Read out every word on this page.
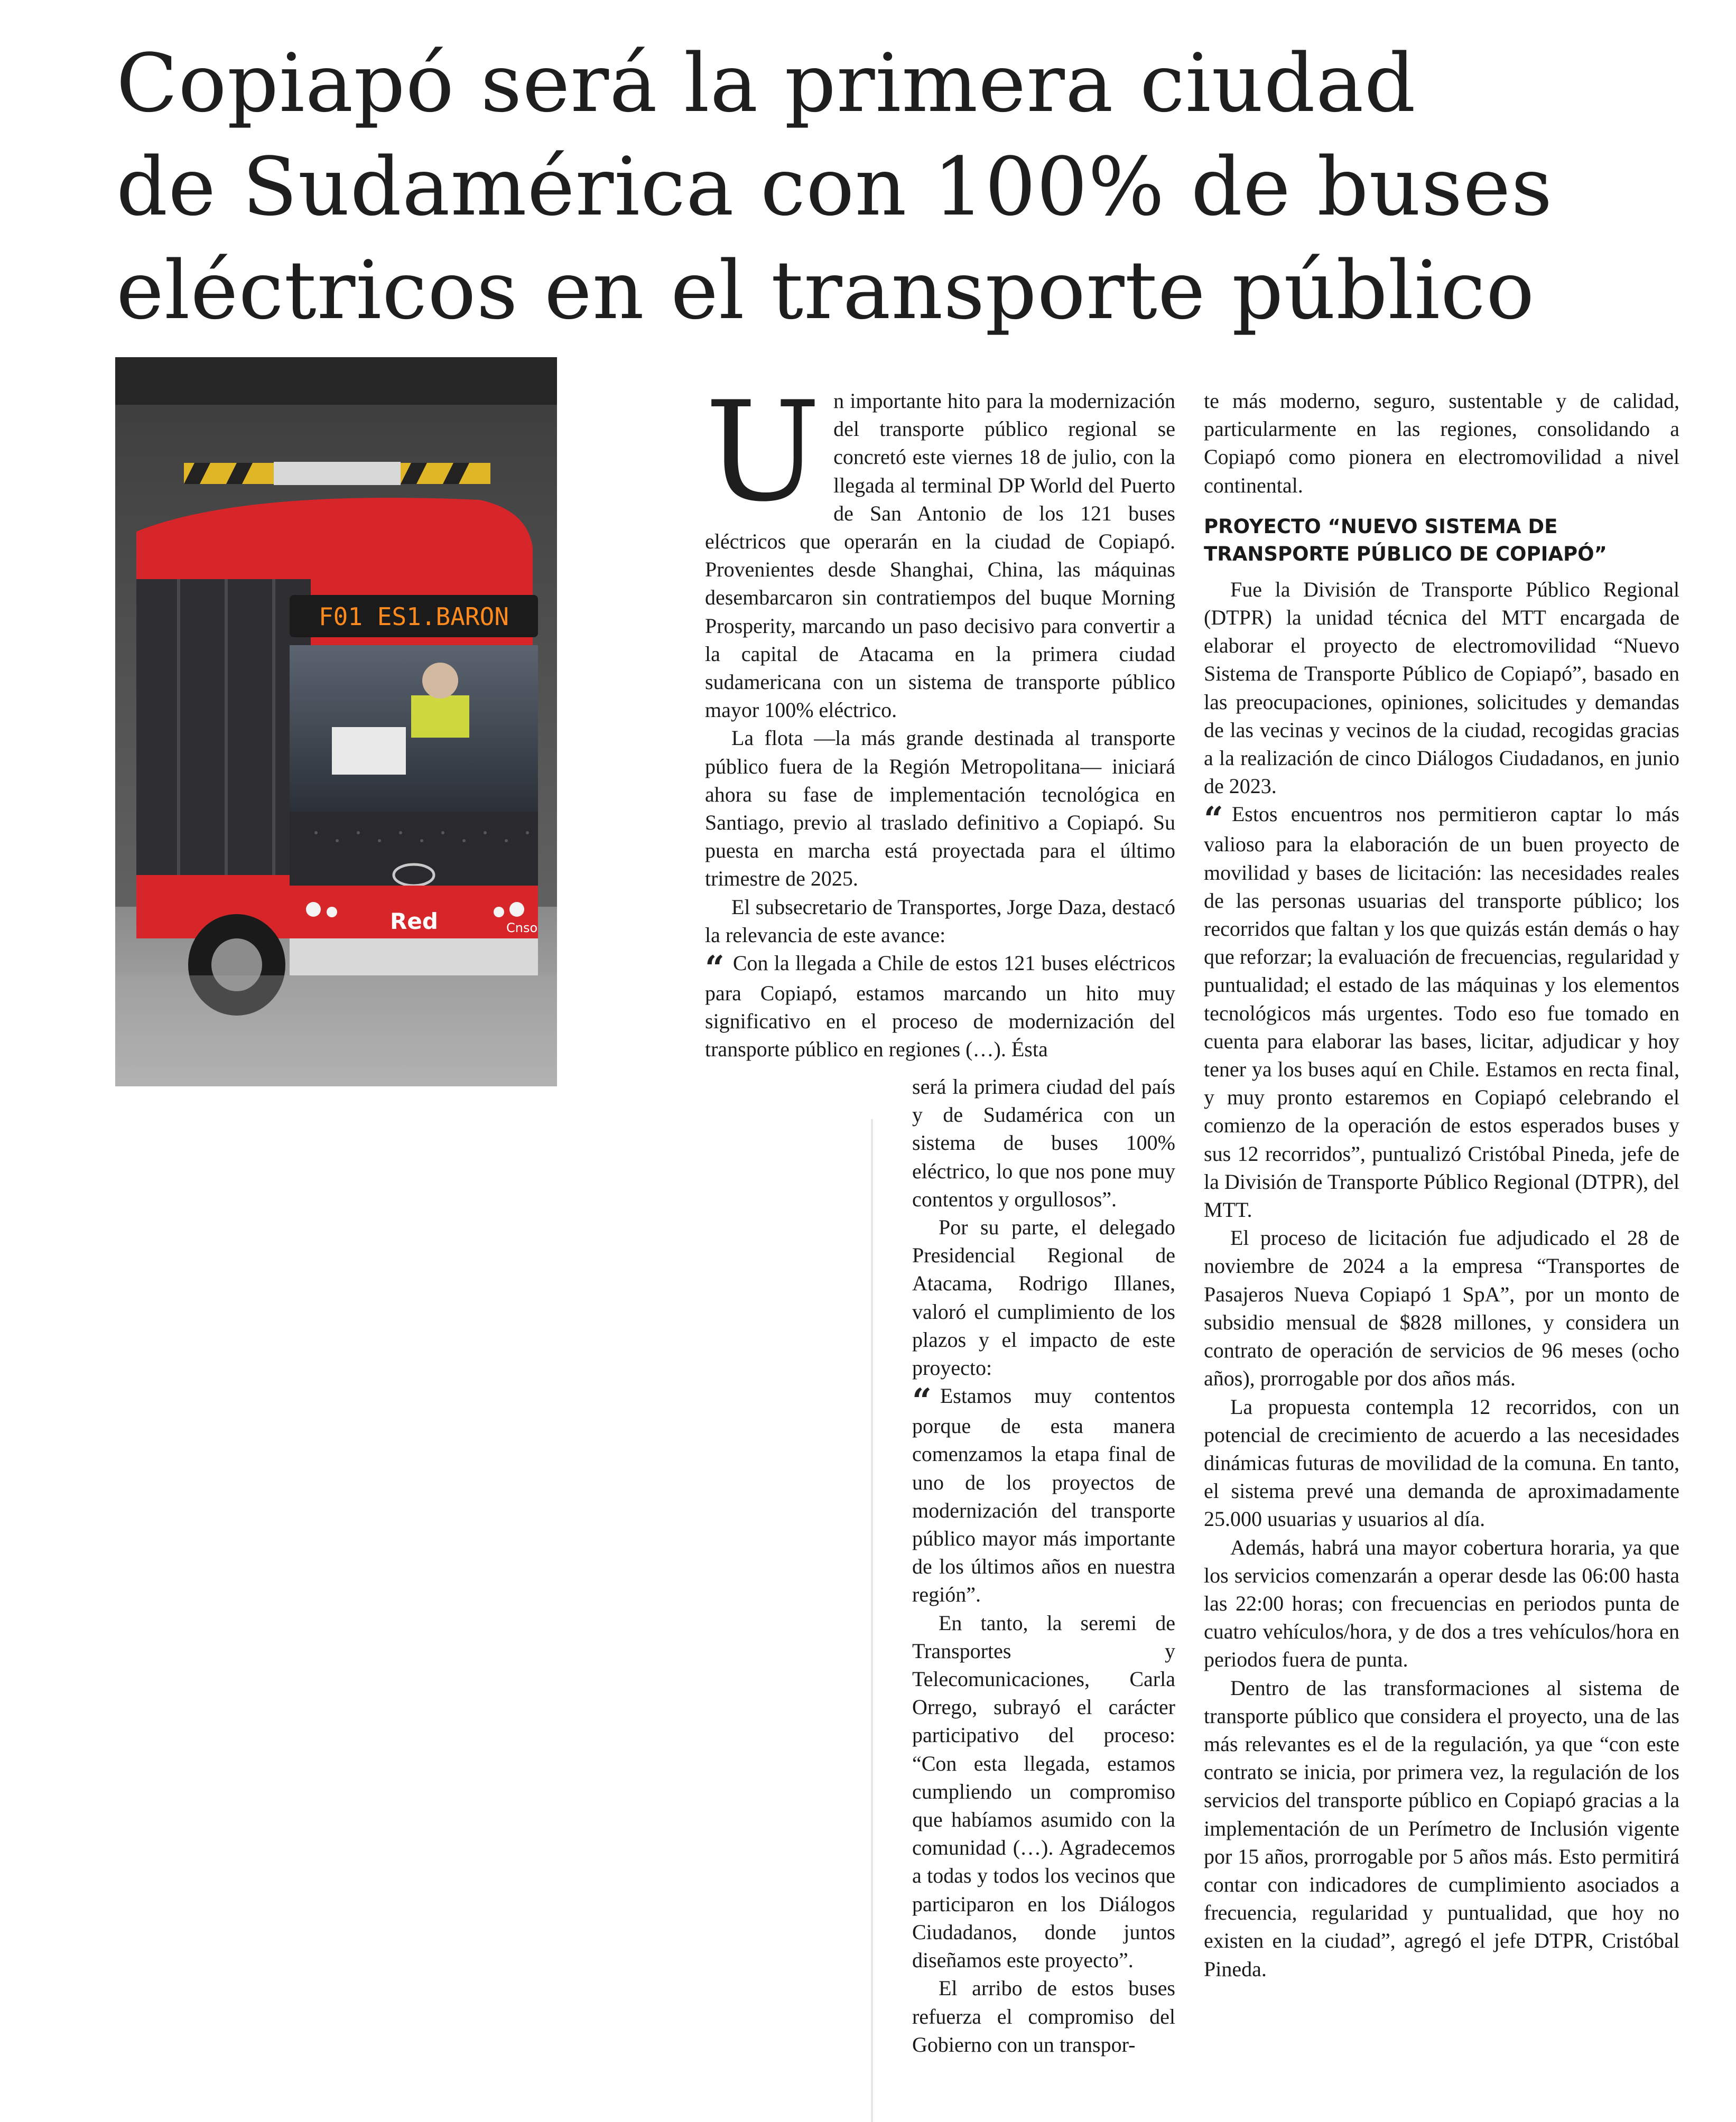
Copiapó será la primera ciudad
de Sudamérica con 100% de buses
eléctricos en el transporte público
F01 ES1.BARON
Red	Cnso
U n importante hito para la modernización del transporte público regional se concretó este viernes 18 de julio, con la llegada al terminal DP World del Puerto de San Antonio de los 121 buses eléctricos que operarán en la ciudad de Copiapó. Provenientes desde Shanghai, China, las máquinas desembarcaron sin contratiempos del buque Morning Prosperity, marcando un paso decisivo para convertir a la capital de Atacama en la primera ciudad sudamericana con un sistema de transporte público mayor 100% eléctrico.

La flota —la más grande destinada al transporte público fuera de la Región Metropolitana— iniciará ahora su fase de implementación tecnológica en Santiago, previo al traslado definitivo a Copiapó. Su puesta en marcha está proyectada para el último trimestre de 2025.

El subsecretario de Transportes, Jorge Daza, destacó la relevancia de este avance:

“ Con la llegada a Chile de estos 121 buses eléctricos para Copiapó, estamos marcando un hito muy significativo en el proceso de modernización del transporte público en regiones (…). Ésta

será la primera ciudad del país y de Sudamérica con un sistema de buses 100% eléctrico, lo que nos pone muy contentos y orgullosos”.

Por su parte, el delegado Presidencial Regional de Atacama, Rodrigo Illanes, valoró el cumplimiento de los plazos y el impacto de este proyecto:

“ Estamos muy contentos porque de esta manera comenzamos la etapa final de uno de los proyectos de modernización del transporte público mayor más importante de los últimos años en nuestra región”.

En tanto, la seremi de Transportes y Telecomunicaciones, Carla Orrego, subrayó el carácter participativo del proceso: “Con esta llegada, estamos cumpliendo un compromiso que habíamos asumido con la comunidad (…). Agradecemos a todas y todos los vecinos que participaron en los Diálogos Ciudadanos, donde juntos diseñamos este proyecto”.

El arribo de estos buses refuerza el compromiso del Gobierno con un transpor-

te más moderno, seguro, sustentable y de calidad, particularmente en las regiones, consolidando a Copiapó como pionera en electromovilidad a nivel continental.

PROYECTO “NUEVO SISTEMA DE TRANSPORTE PÚBLICO DE COPIAPÓ”

Fue la División de Transporte Público Regional (DTPR) la unidad técnica del MTT encargada de elaborar el proyecto de electromovilidad “Nuevo Sistema de Transporte Público de Copiapó”, basado en las preocupaciones, opiniones, solicitudes y demandas de las vecinas y vecinos de la ciudad, recogidas gracias a la realización de cinco Diálogos Ciudadanos, en junio de 2023.

“ Estos encuentros nos permitieron captar lo más valioso para la elaboración de un buen proyecto de movilidad y bases de licitación: las necesidades reales de las personas usuarias del transporte público; los recorridos que faltan y los que quizás están demás o hay que reforzar; la evaluación de frecuencias, regularidad y puntualidad; el estado de las máquinas y los elementos tecnológicos más urgentes. Todo eso fue tomado en cuenta para elaborar las bases, licitar, adjudicar y hoy tener ya los buses aquí en Chile. Estamos en recta final, y muy pronto estaremos en Copiapó celebrando el comienzo de la operación de estos esperados buses y sus 12 recorridos”, puntualizó Cristóbal Pineda, jefe de la División de Transporte Público Regional (DTPR), del MTT.

El proceso de licitación fue adjudicado el 28 de noviembre de 2024 a la empresa “Transportes de Pasajeros Nueva Copiapó 1 SpA”, por un monto de subsidio mensual de $828 millones, y considera un contrato de operación de servicios de 96 meses (ocho años), prorrogable por dos años más.

La propuesta contempla 12 recorridos, con un potencial de crecimiento de acuerdo a las necesidades dinámicas futuras de movilidad de la comuna. En tanto, el sistema prevé una demanda de aproximadamente 25.000 usuarias y usuarios al día.

Además, habrá una mayor cobertura horaria, ya que los servicios comenzarán a operar desde las 06:00 hasta las 22:00 horas; con frecuencias en periodos punta de cuatro vehículos/hora, y de dos a tres vehículos/hora en periodos fuera de punta.

Dentro de las transformaciones al sistema de transporte público que considera el proyecto, una de las más relevantes es el de la regulación, ya que “con este contrato se inicia, por primera vez, la regulación de los servicios del transporte público en Copiapó gracias a la implementación de un Perímetro de Inclusión vigente por 15 años, prorrogable por 5 años más. Esto permitirá contar con indicadores de cumplimiento asociados a frecuencia, regularidad y puntualidad, que hoy no existen en la ciudad”, agregó el jefe DTPR, Cristóbal Pineda.
